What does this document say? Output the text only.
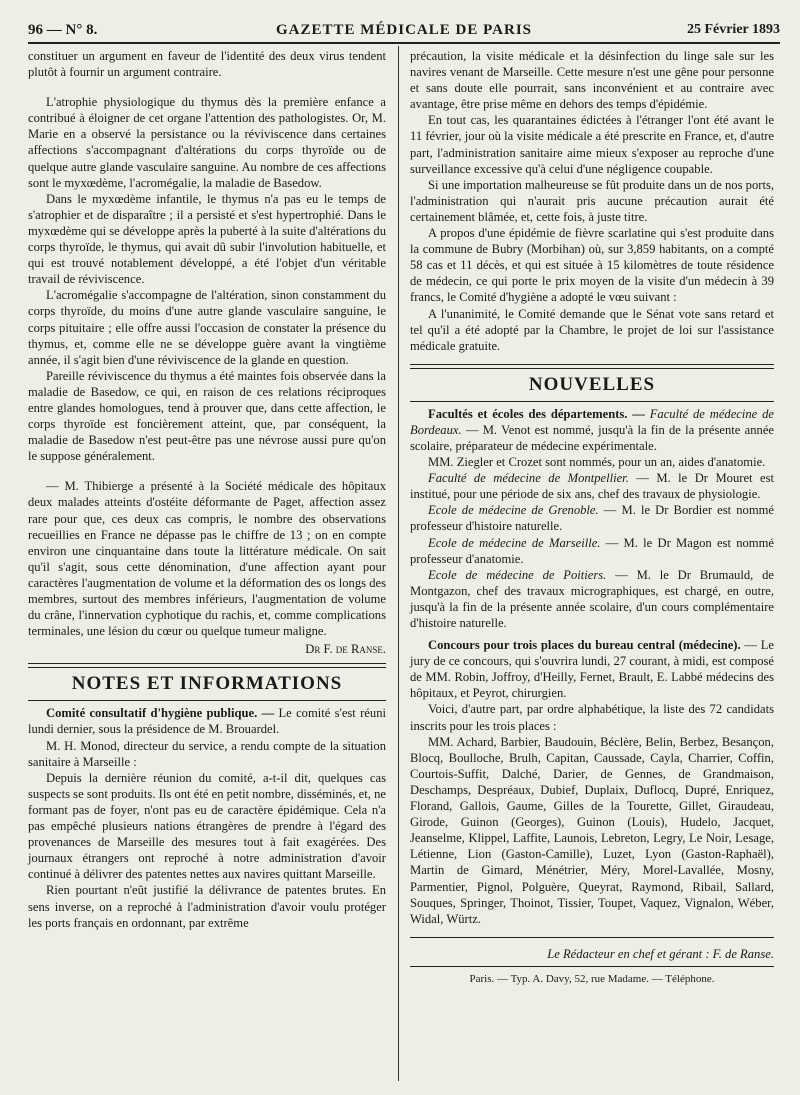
96 — N° 8.	GAZETTE MÉDICALE DE PARIS	25 Février 1893

constituer un argument en faveur de l'identité des deux virus tendent plutôt à fournir un argument contraire.

L'atrophie physiologique du thymus dès la première enfance a contribué à éloigner de cet organe l'attention des pathologistes. Or, M. Marie en a observé la persistance ou la réviviscence dans certaines affections s'accompagnant d'altérations du corps thyroïde ou de quelque autre glande vasculaire sanguine. Au nombre de ces affections sont le myxœdème, l'acromégalie, la maladie de Basedow.

Dans le myxœdème infantile, le thymus n'a pas eu le temps de s'atrophier et de disparaître ; il a persisté et s'est hypertrophié. Dans le myxœdème qui se développe après la puberté à la suite d'altérations du corps thyroïde, le thymus, qui avait dû subir l'involution habituelle, et qui est trouvé notablement développé, a été l'objet d'un véritable travail de réviviscence.

L'acromégalie s'accompagne de l'altération, sinon constamment du corps thyroïde, du moins d'une autre glande vasculaire sanguine, le corps pituitaire ; elle offre aussi l'occasion de constater la présence du thymus, et, comme elle ne se développe guère avant la vingtième année, il s'agit bien d'une réviviscence de la glande en question.

Pareille réviviscence du thymus a été maintes fois observée dans la maladie de Basedow, ce qui, en raison de ces relations réciproques entre glandes homologues, tend à prouver que, dans cette affection, le corps thyroïde est foncièrement atteint, que, par conséquent, la maladie de Basedow n'est peut-être pas une névrose aussi pure qu'on le suppose généralement.

— M. Thibierge a présenté à la Société médicale des hôpitaux deux malades atteints d'ostéite déformante de Paget, affection assez rare pour que, ces deux cas compris, le nombre des observations recueillies en France ne dépasse pas le chiffre de 13 ; on en compte environ une cinquantaine dans toute la littérature médicale. On sait qu'il s'agit, sous cette dénomination, d'une affection ayant pour caractères l'augmentation de volume et la déformation des os longs des membres, surtout des membres inférieurs, l'augmentation de volume du crâne, l'innervation cyphotique du rachis, et, comme complications terminales, une lésion du cœur ou quelque tumeur maligne.

Dr F. de Ranse.
NOTES ET INFORMATIONS

Comité consultatif d'hygiène publique. — Le comité s'est réuni lundi dernier, sous la présidence de M. Brouardel.

M. H. Monod, directeur du service, a rendu compte de la situation sanitaire à Marseille :

Depuis la dernière réunion du comité, a-t-il dit, quelques cas suspects se sont produits. Ils ont été en petit nombre, disséminés, et, ne formant pas de foyer, n'ont pas eu de caractère épidémique. Cela n'a pas empêché plusieurs nations étrangères de prendre à l'égard des provenances de Marseille des mesures tout à fait exagérées. Des journaux étrangers ont reproché à notre administration d'avoir continué à délivrer des patentes nettes aux navires quittant Marseille.

Rien pourtant n'eût justifié la délivrance de patentes brutes. En sens inverse, on a reproché à l'administration d'avoir voulu protéger les ports français en ordonnant, par extrême

précaution, la visite médicale et la désinfection du linge sale sur les navires venant de Marseille. Cette mesure n'est une gêne pour personne et sans doute elle pourrait, sans inconvénient et au contraire avec avantage, être prise même en dehors des temps d'épidémie.

En tout cas, les quarantaines édictées à l'étranger l'ont été avant le 11 février, jour où la visite médicale a été prescrite en France, et, d'autre part, l'administration sanitaire aime mieux s'exposer au reproche d'une surveillance excessive qu'à celui d'une négligence coupable.

Si une importation malheureuse se fût produite dans un de nos ports, l'administration qui n'aurait pris aucune précaution aurait été certainement blâmée, et, cette fois, à juste titre.

A propos d'une épidémie de fièvre scarlatine qui s'est produite dans la commune de Bubry (Morbihan) où, sur 3,859 habitants, on a compté 58 cas et 11 décès, et qui est située à 15 kilomètres de toute résidence de médecin, ce qui porte le prix moyen de la visite d'un médecin à 39 francs, le Comité d'hygiène a adopté le vœu suivant :

A l'unanimité, le Comité demande que le Sénat vote sans retard et tel qu'il a été adopté par la Chambre, le projet de loi sur l'assistance médicale gratuite.

NOUVELLES

Facultés et écoles des départements. — Faculté de médecine de Bordeaux. — M. Venot est nommé, jusqu'à la fin de la présente année scolaire, préparateur de médecine expérimentale.

MM. Ziegler et Crozet sont nommés, pour un an, aides d'anatomie.

Faculté de médecine de Montpellier. — M. le Dr Mouret est institué, pour une période de six ans, chef des travaux de physiologie.

Ecole de médecine de Grenoble. — M. le Dr Bordier est nommé professeur d'histoire naturelle.

Ecole de médecine de Marseille. — M. le Dr Magon est nommé professeur d'anatomie.

Ecole de médecine de Poitiers. — M. le Dr Brumauld, de Montgazon, chef des travaux micrographiques, est chargé, en outre, jusqu'à la fin de la présente année scolaire, d'un cours complémentaire d'histoire naturelle.

Concours pour trois places du bureau central (médecine). — Le jury de ce concours, qui s'ouvrira lundi, 27 courant, à midi, est composé de MM. Robin, Joffroy, d'Heilly, Fernet, Brault, E. Labbé médecins des hôpitaux, et Peyrot, chirurgien.

Voici, d'autre part, par ordre alphabétique, la liste des 72 candidats inscrits pour les trois places :

MM. Achard, Barbier, Baudouin, Béclère, Belin, Berbez, Besançon, Blocq, Boulloche, Brulh, Capitan, Caussade, Cayla, Charrier, Coffin, Courtois-Suffit, Dalché, Darier, de Gennes, de Grandmaison, Deschamps, Despréaux, Dubief, Duplaix, Duflocq, Dupré, Enriquez, Florand, Gallois, Gaume, Gilles de la Tourette, Gillet, Giraudeau, Girode, Guinon (Georges), Guinon (Louis), Hudelo, Jacquet, Jeanselme, Klippel, Laffite, Launois, Lebreton, Legry, Le Noir, Lesage, Létienne, Lion (Gaston-Camille), Luzet, Lyon (Gaston-Raphaël), Martin de Gimard, Ménétrier, Méry, Morel-Lavallée, Mosny, Parmentier, Pignol, Polguère, Queyrat, Raymond, Ribail, Sallard, Souques, Springer, Thoinot, Tissier, Toupet, Vaquez, Vignalon, Wéber, Widal, Würtz.

Le Rédacteur en chef et gérant : F. de Ranse.
Paris. — Typ. A. Davy, 52, rue Madame. — Téléphone.
